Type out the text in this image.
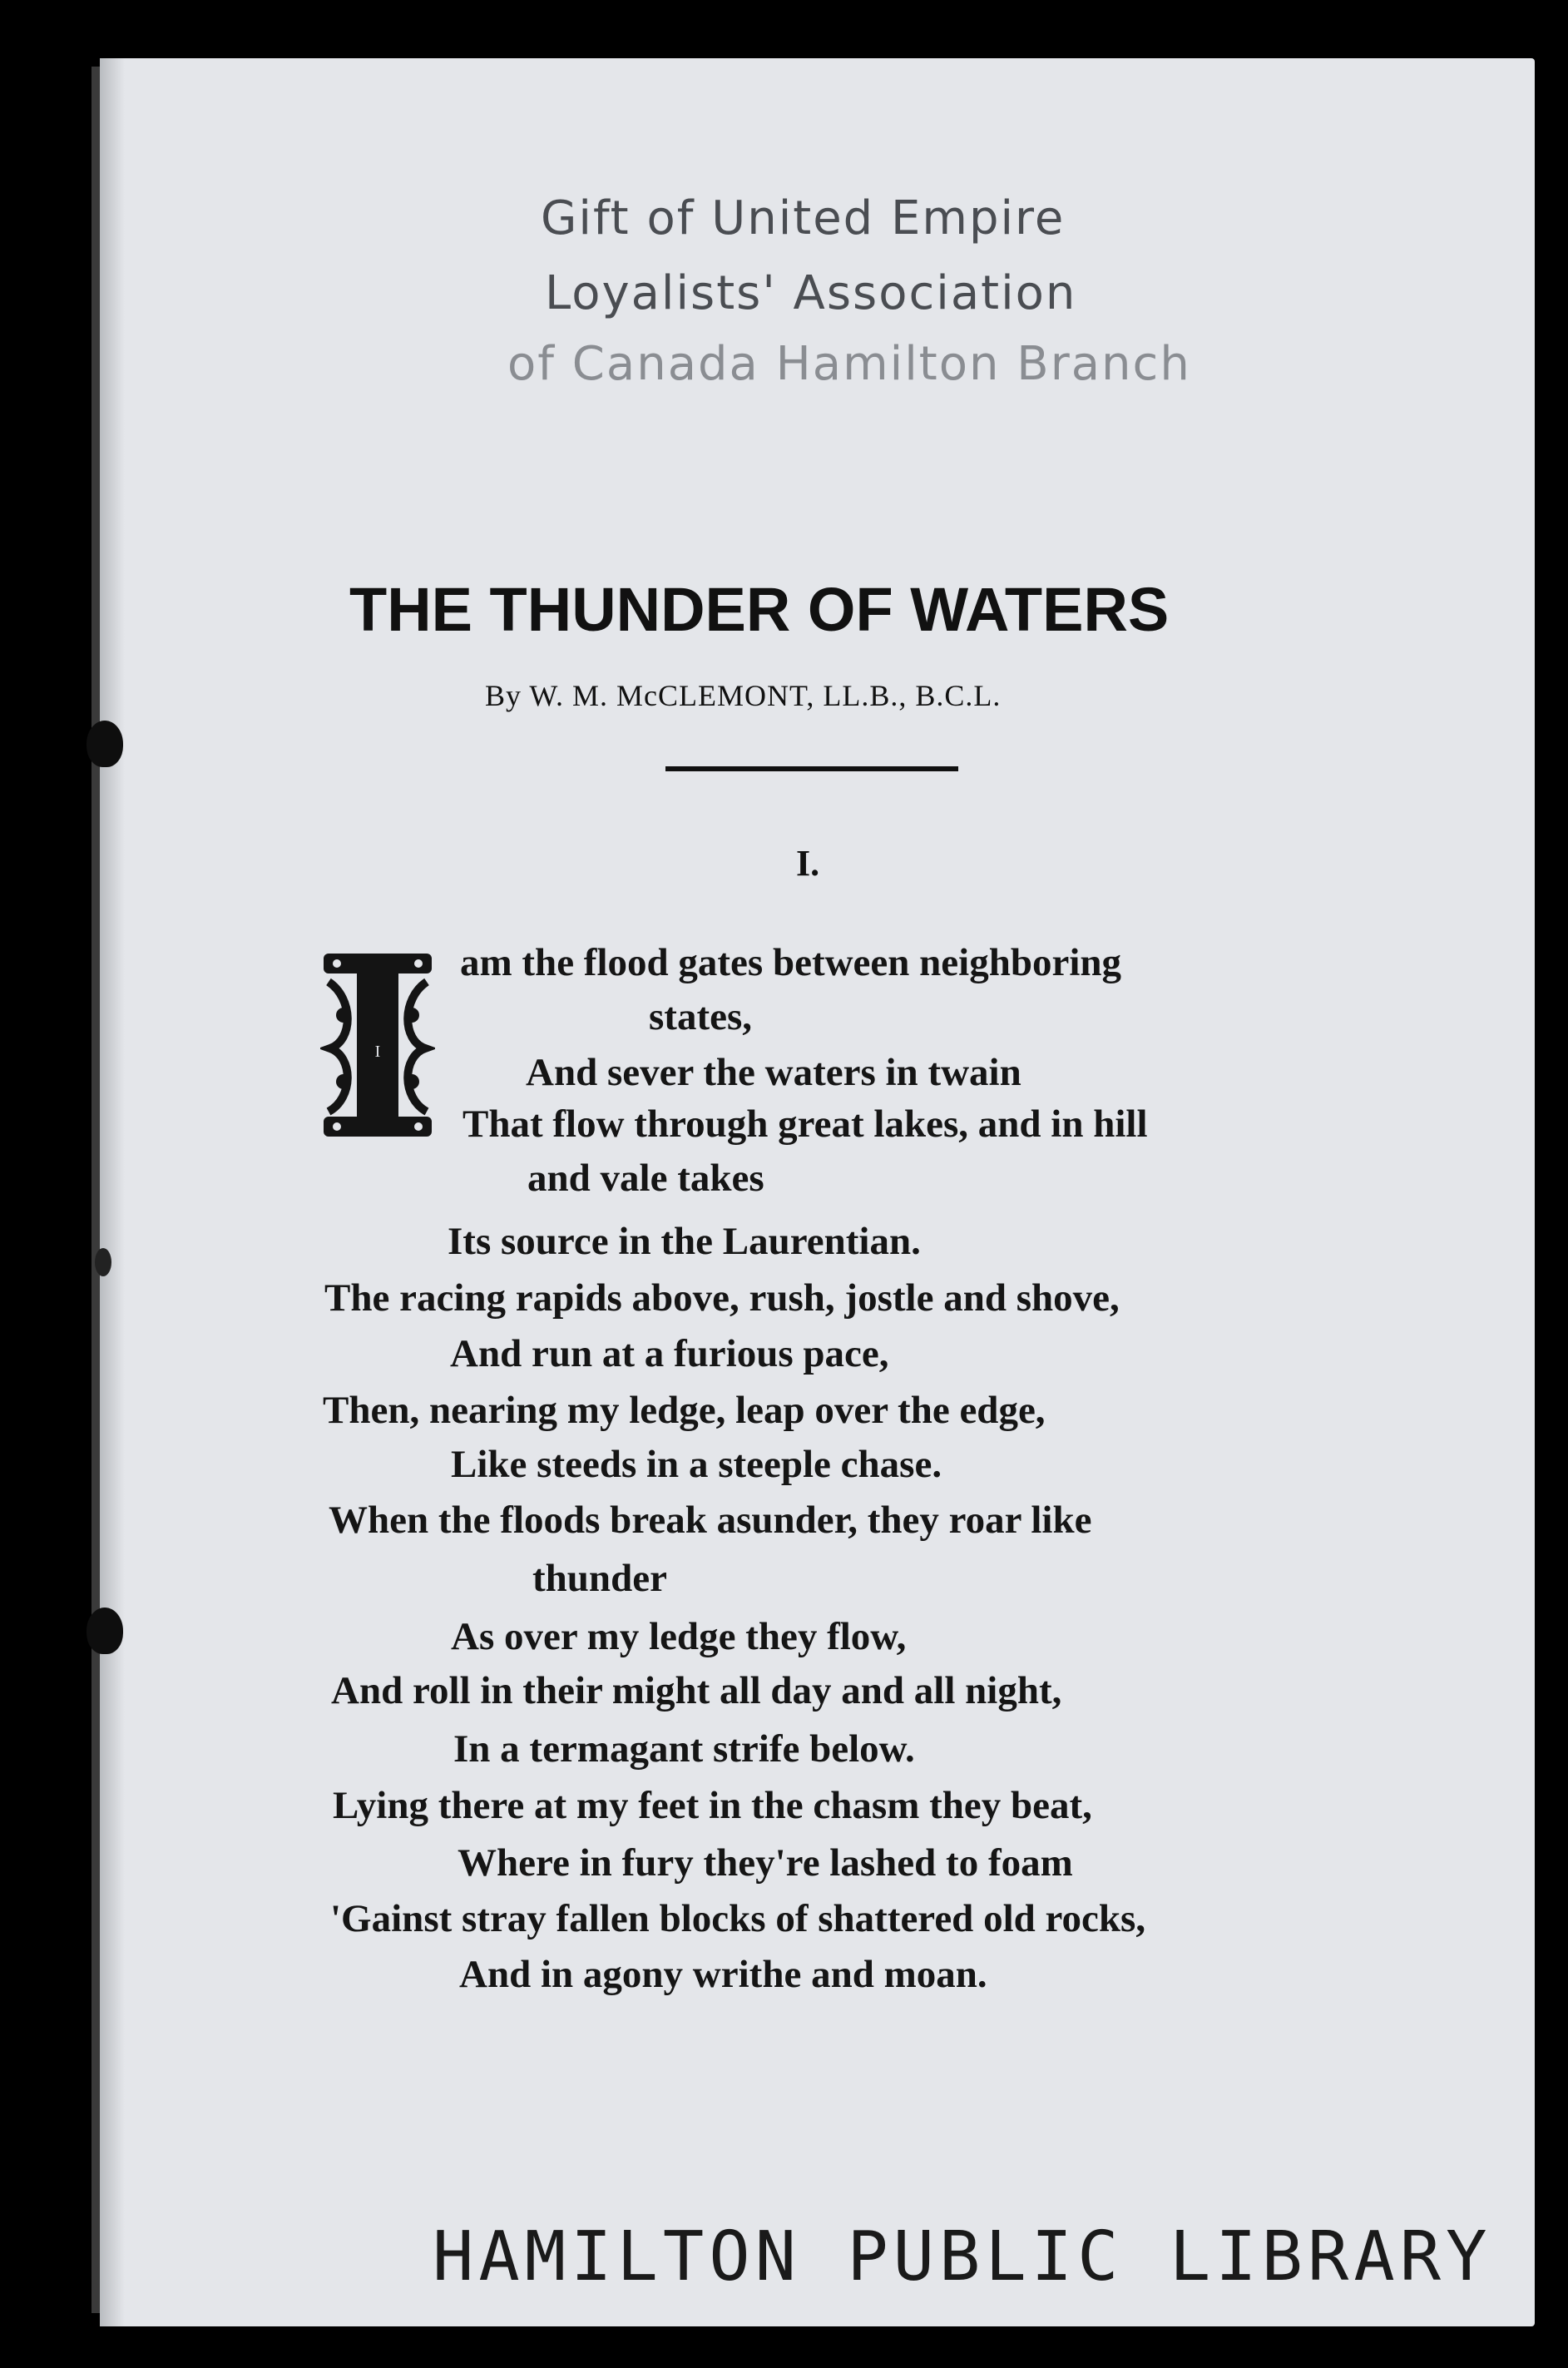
Gift of United Empire
Loyalists' Association
of Canada Hamilton Branch
THE THUNDER OF WATERS
By W. M. McCLEMONT, LL.B., B.C.L.
I.
I
am the flood gates between neighboring
states,
And sever the waters in twain
That flow through great lakes, and in hill
and vale takes
Its source in the Laurentian.
The racing rapids above, rush, jostle and shove,
And run at a furious pace,
Then, nearing my ledge, leap over the edge,
Like steeds in a steeple chase.
When the floods break asunder, they roar like
thunder
As over my ledge they flow,
And roll in their might all day and all night,
In a termagant strife below.
Lying there at my feet in the chasm they beat,
Where in fury they're lashed to foam
'Gainst stray fallen blocks of shattered old rocks,
And in agony writhe and moan.
HAMILTON PUBLIC LIBRARY
